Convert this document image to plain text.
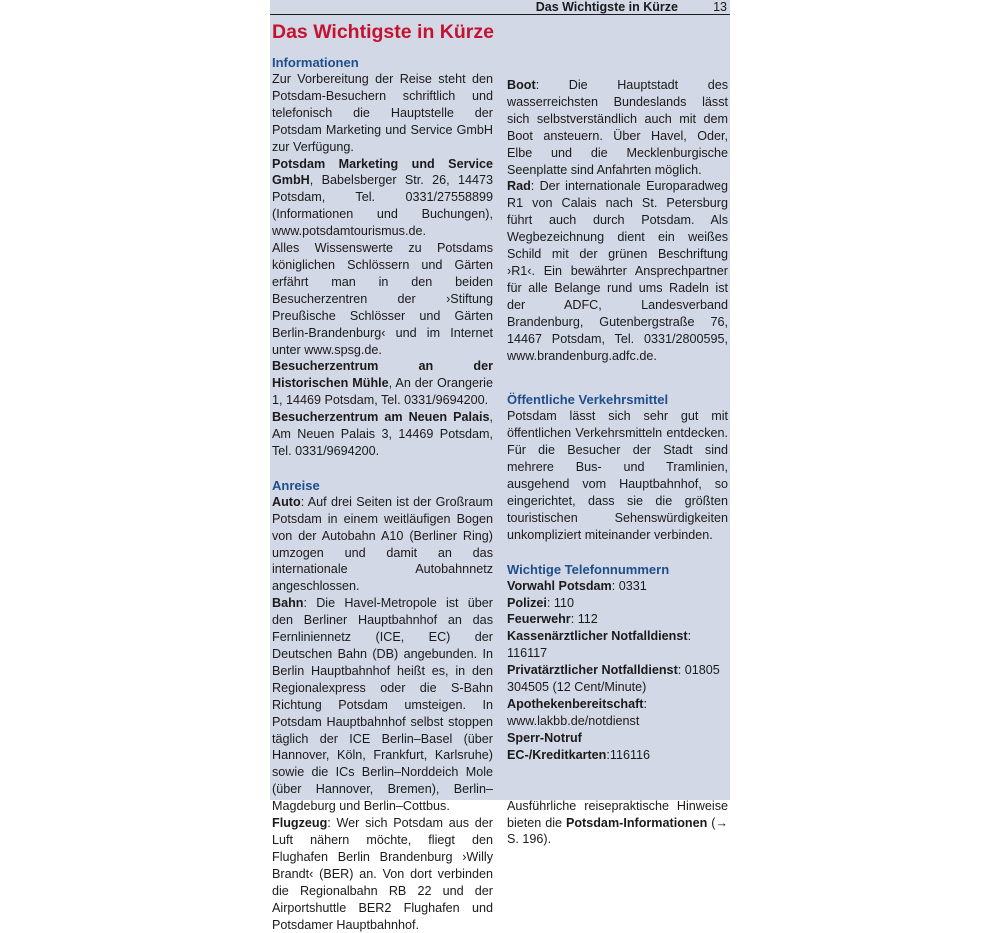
Das Wichtigste in Kürze	13
Das Wichtigste in Kürze
Informationen

Zur Vorbereitung der Reise steht den Potsdam-Besuchern schriftlich und telefonisch die Hauptstelle der Potsdam Marketing und Service GmbH zur Verfügung.

Potsdam Marketing und Service GmbH, Babelsberger Str. 26, 14473 Potsdam, Tel. 0331/27558899 (Informationen und Buchungen), www.potsdamtourismus.de.

Alles Wissenswerte zu Potsdams königlichen Schlössern und Gärten erfährt man in den beiden Besucherzentren der ›Stiftung Preußische Schlösser und Gärten Berlin-Brandenburg‹ und im Internet unter www.spsg.de.

Besucherzentrum an der Historischen Mühle, An der Orangerie 1, 14469 Potsdam, Tel. 0331/9694200.

Besucherzentrum am Neuen Palais, Am Neuen Palais 3, 14469 Potsdam, Tel. 0331/9694200.

Anreise

Auto: Auf drei Seiten ist der Großraum Potsdam in einem weitläufigen Bogen von der Autobahn A10 (Berliner Ring) umzogen und damit an das internationale Autobahnnetz angeschlossen.

Bahn: Die Havel-Metropole ist über den Berliner Hauptbahnhof an das Fernliniennetz (ICE, EC) der Deutschen Bahn (DB) angebunden. In Berlin Hauptbahnhof heißt es, in den Regionalexpress oder die S-Bahn Richtung Potsdam umsteigen. In Potsdam Hauptbahnhof selbst stoppen täglich der ICE Berlin–Basel (über Hannover, Köln, Frankfurt, Karlsruhe) sowie die ICs Berlin–Norddeich Mole (über Hannover, Bremen), Berlin–Magdeburg und Berlin–Cottbus.

Flugzeug: Wer sich Potsdam aus der Luft nähern möchte, fliegt den Flughafen Berlin Brandenburg ›Willy Brandt‹ (BER) an. Von dort verbinden die Regionalbahn RB 22 und der Airportshuttle BER2 Flughafen und Potsdamer Hauptbahnhof.

Boot: Die Hauptstadt des wasserreichsten Bundeslands lässt sich selbstverständlich auch mit dem Boot ansteuern. Über Havel, Oder, Elbe und die Mecklenburgische Seenplatte sind Anfahrten möglich.

Rad: Der internationale Europaradweg R1 von Calais nach St. Petersburg führt auch durch Potsdam. Als Wegbezeichnung dient ein weißes Schild mit der grünen Beschriftung ›R1‹. Ein bewährter Ansprechpartner für alle Belange rund ums Radeln ist der ADFC, Landesverband Brandenburg, Gutenbergstraße 76, 14467 Potsdam, Tel. 0331/2800595, www.brandenburg.adfc.de.

Öffentliche Verkehrsmittel

Potsdam lässt sich sehr gut mit öffentlichen Verkehrsmitteln entdecken. Für die Besucher der Stadt sind mehrere Bus- und Tramlinien, ausgehend vom Hauptbahnhof, so eingerichtet, dass sie die größten touristischen Sehenswürdigkeiten unkompliziert miteinander verbinden.

Wichtige Telefonnummern

Vorwahl Potsdam: 0331

Polizei: 110

Feuerwehr: 112

Kassenärztlicher Notfalldienst: 116117

Privatärztlicher Notfalldienst: 01805 304505 (12 Cent/Minute)

Apothekenbereitschaft: www.lakbb.de/notdienst

Sperr-Notruf EC-/Kreditkarten:116116

Ausführliche reisepraktische Hinweise bieten die Potsdam-Informationen (→ S. 196).
